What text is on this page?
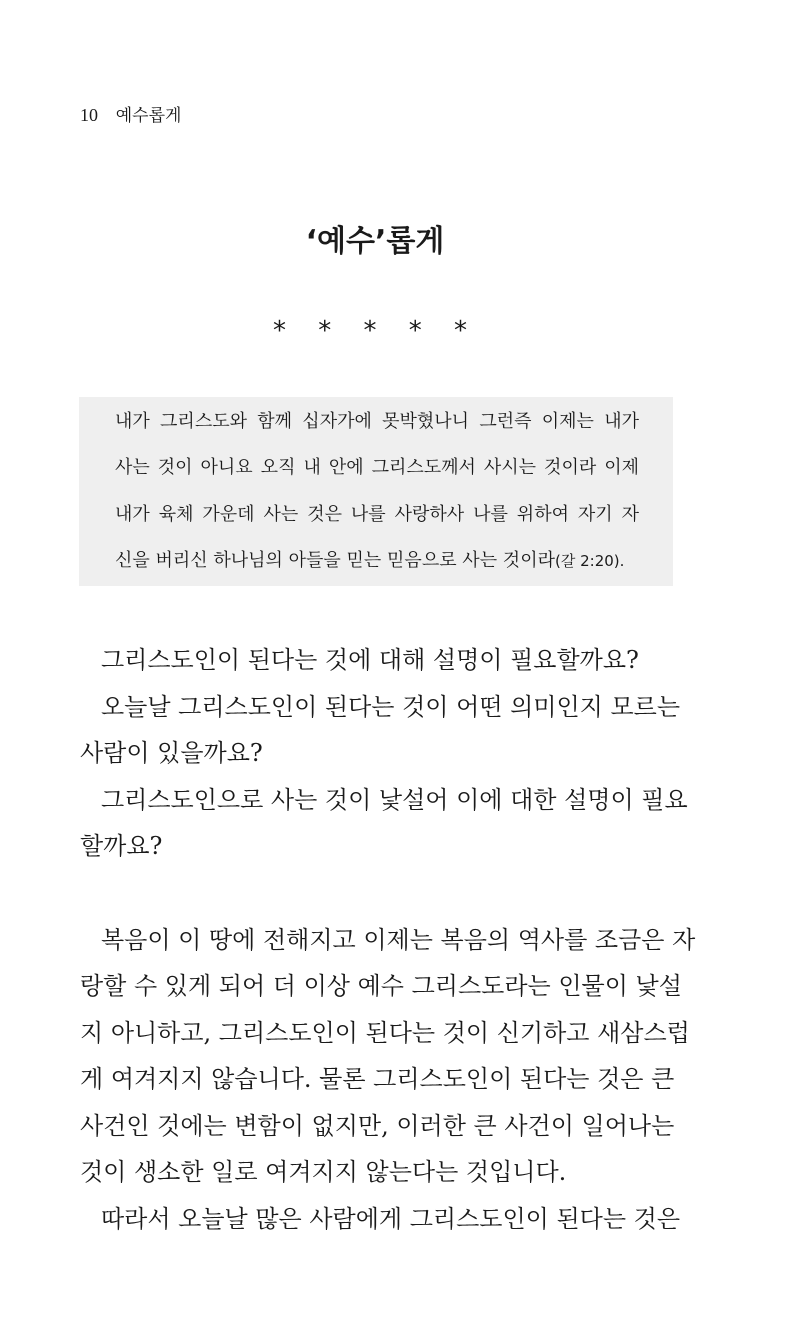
10 예수롭게
‘예수’롭게
* * * * *
내가 그리스도와 함께 십자가에 못박혔나니 그런즉 이제는 내가
사는 것이 아니요 오직 내 안에 그리스도께서 사시는 것이라 이제
내가 육체 가운데 사는 것은 나를 사랑하사 나를 위하여 자기 자
신을 버리신 하나님의 아들을 믿는 믿음으로 사는 것이라(갈 2:20).
그리스도인이 된다는 것에 대해 설명이 필요할까요?
오늘날 그리스도인이 된다는 것이 어떤 의미인지 모르는
사람이 있을까요?
그리스도인으로 사는 것이 낯설어 이에 대한 설명이 필요
할까요?
복음이 이 땅에 전해지고 이제는 복음의 역사를 조금은 자
랑할 수 있게 되어 더 이상 예수 그리스도라는 인물이 낯설
지 아니하고, 그리스도인이 된다는 것이 신기하고 새삼스럽
게 여겨지지 않습니다. 물론 그리스도인이 된다는 것은 큰
사건인 것에는 변함이 없지만, 이러한 큰 사건이 일어나는
것이 생소한 일로 여겨지지 않는다는 것입니다.
따라서 오늘날 많은 사람에게 그리스도인이 된다는 것은
